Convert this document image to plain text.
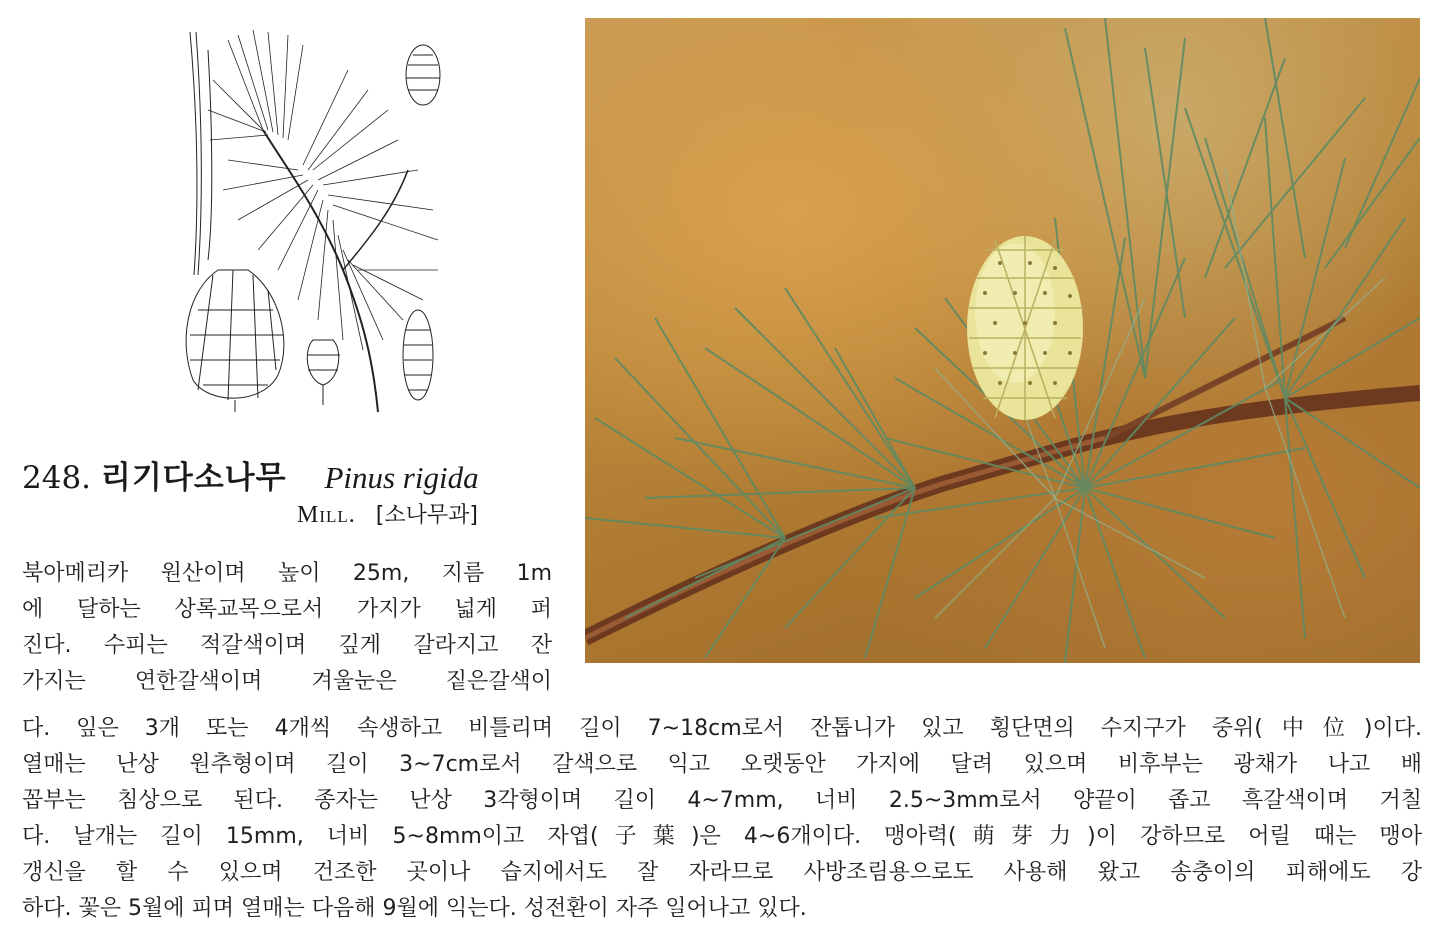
248. 리기다소나무 Pinus rigida
Mill. [소나무과]
북아메리카 원산이며 높이 25m, 지름 1m
에 달하는 상록교목으로서 가지가 넓게 퍼
진다. 수피는 적갈색이며 깊게 갈라지고 잔
가지는 연한갈색이며 겨울눈은 짙은갈색이
다. 잎은 3개 또는 4개씩 속생하고 비틀리며 길이 7~18cm로서 잔톱니가 있고 횡단면의 수지구가 중위(中位)이다.
열매는 난상 원추형이며 길이 3~7cm로서 갈색으로 익고 오랫동안 가지에 달려 있으며 비후부는 광채가 나고 배
꼽부는 침상으로 된다. 종자는 난상 3각형이며 길이 4~7mm, 너비 2.5~3mm로서 양끝이 좁고 흑갈색이며 거칠
다. 날개는 길이 15mm, 너비 5~8mm이고 자엽(子葉)은 4~6개이다. 맹아력(萌芽力)이 강하므로 어릴 때는 맹아
갱신을 할 수 있으며 건조한 곳이나 습지에서도 잘 자라므로 사방조림용으로도 사용해 왔고 송충이의 피해에도 강
하다. 꽃은 5월에 피며 열매는 다음해 9월에 익는다. 성전환이 자주 일어나고 있다.
